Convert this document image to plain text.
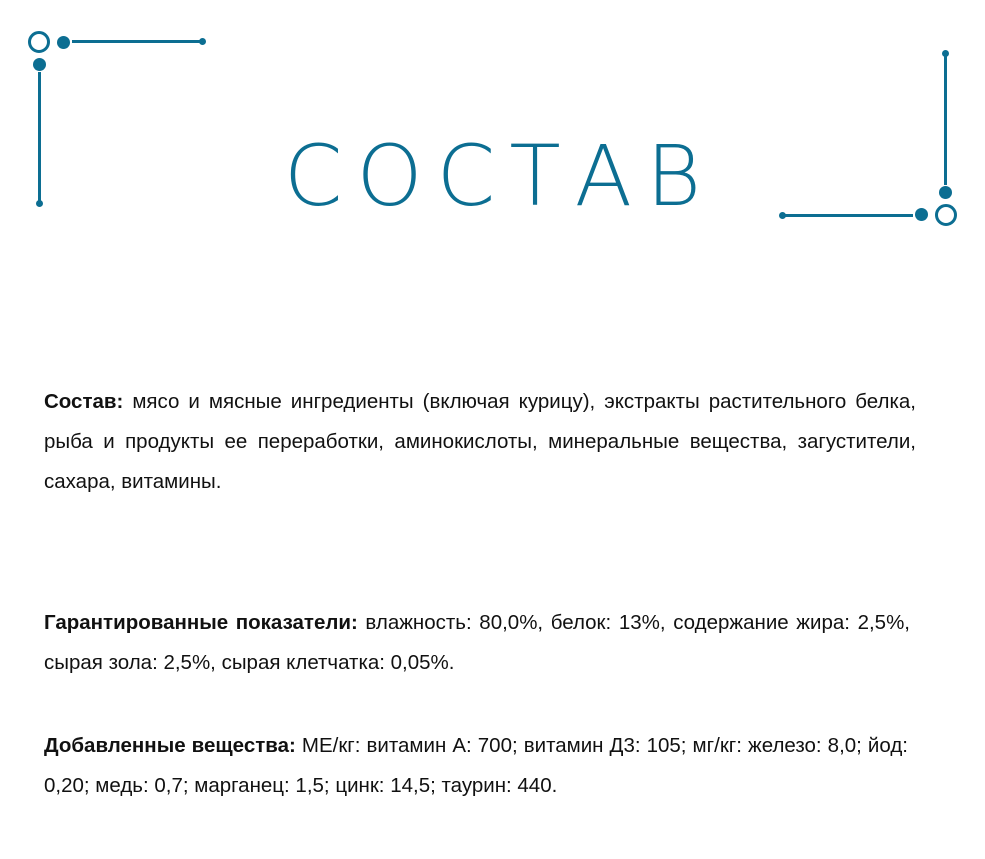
СОСТАВ

Состав: мясо и мясные ингредиенты (включая курицу), экстракты растительного белка, рыба и продукты ее переработки, аминокислоты, минеральные вещества, загустители, сахара, витамины.

Гарантированные показатели: влажность: 80,0%, белок: 13%, содержание жира: 2,5%, сырая зола: 2,5%, сырая клетчатка: 0,05%.

Добавленные вещества: МЕ/кг: витамин А: 700; витамин Д3: 105; мг/кг: железо: 8,0; йод: 0,20; медь: 0,7; марганец: 1,5; цинк: 14,5; таурин: 440.
